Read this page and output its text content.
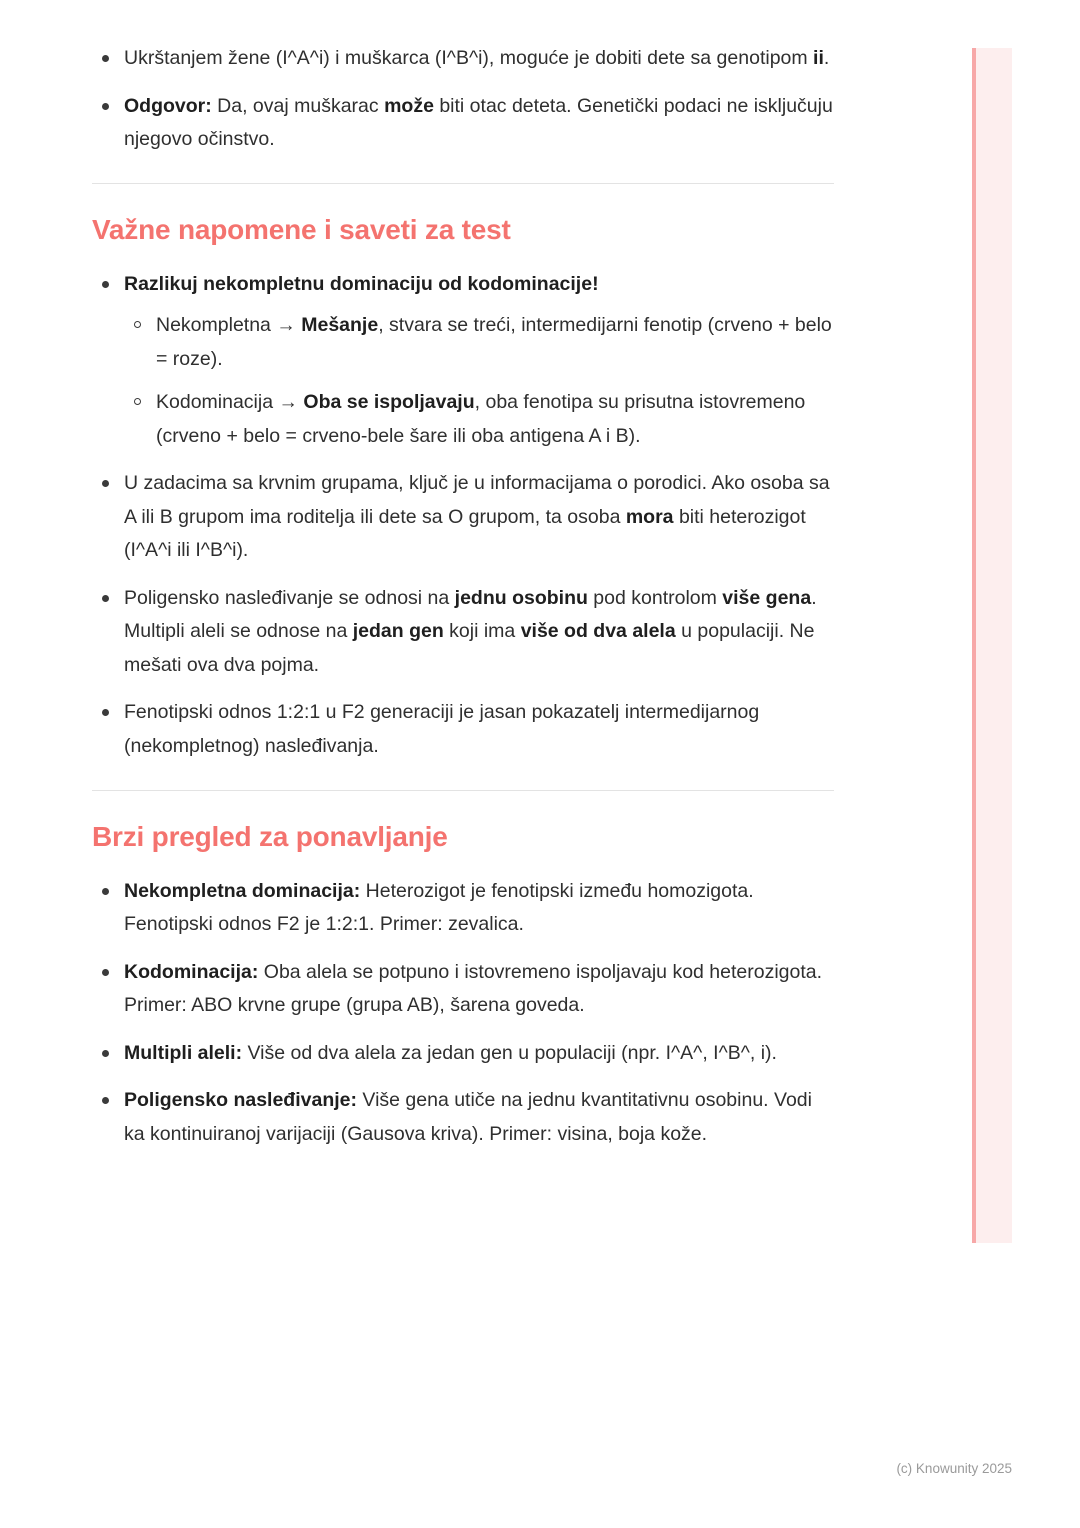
Ukrštanjem žene (I^A^i) i muškarca (I^B^i), moguće je dobiti dete sa genotipom ii.
Odgovor: Da, ovaj muškarac može biti otac deteta. Genetički podaci ne isključuju njegovo očinstvo.
Važne napomene i saveti za test
Razlikuj nekompletnu dominaciju od kodominacije!
Nekompletna → Mešanje, stvara se treći, intermedijarni fenotip (crveno + belo = roze).
Kodominacija → Oba se ispoljavaju, oba fenotipa su prisutna istovremeno (crveno + belo = crveno-bele šare ili oba antigena A i B).
U zadacima sa krvnim grupama, ključ je u informacijama o porodici. Ako osoba sa A ili B grupom ima roditelja ili dete sa O grupom, ta osoba mora biti heterozigot (I^A^i ili I^B^i).
Poligensko nasleđivanje se odnosi na jednu osobinu pod kontrolom više gena. Multipli aleli se odnose na jedan gen koji ima više od dva alela u populaciji. Ne mešati ova dva pojma.
Fenotipski odnos 1:2:1 u F2 generaciji je jasan pokazatelj intermedijarnog (nekompletnog) nasleđivanja.
Brzi pregled za ponavljanje
Nekompletna dominacija: Heterozigot je fenotipski između homozigota. Fenotipski odnos F2 je 1:2:1. Primer: zevalica.
Kodominacija: Oba alela se potpuno i istovremeno ispoljavaju kod heterozigota. Primer: ABO krvne grupe (grupa AB), šarena goveda.
Multipli aleli: Više od dva alela za jedan gen u populaciji (npr. I^A^, I^B^, i).
Poligensko nasleđivanje: Više gena utiče na jednu kvantitativnu osobinu. Vodi ka kontinuiranoj varijaciji (Gausova kriva). Primer: visina, boja kože.
(c) Knowunity 2025
